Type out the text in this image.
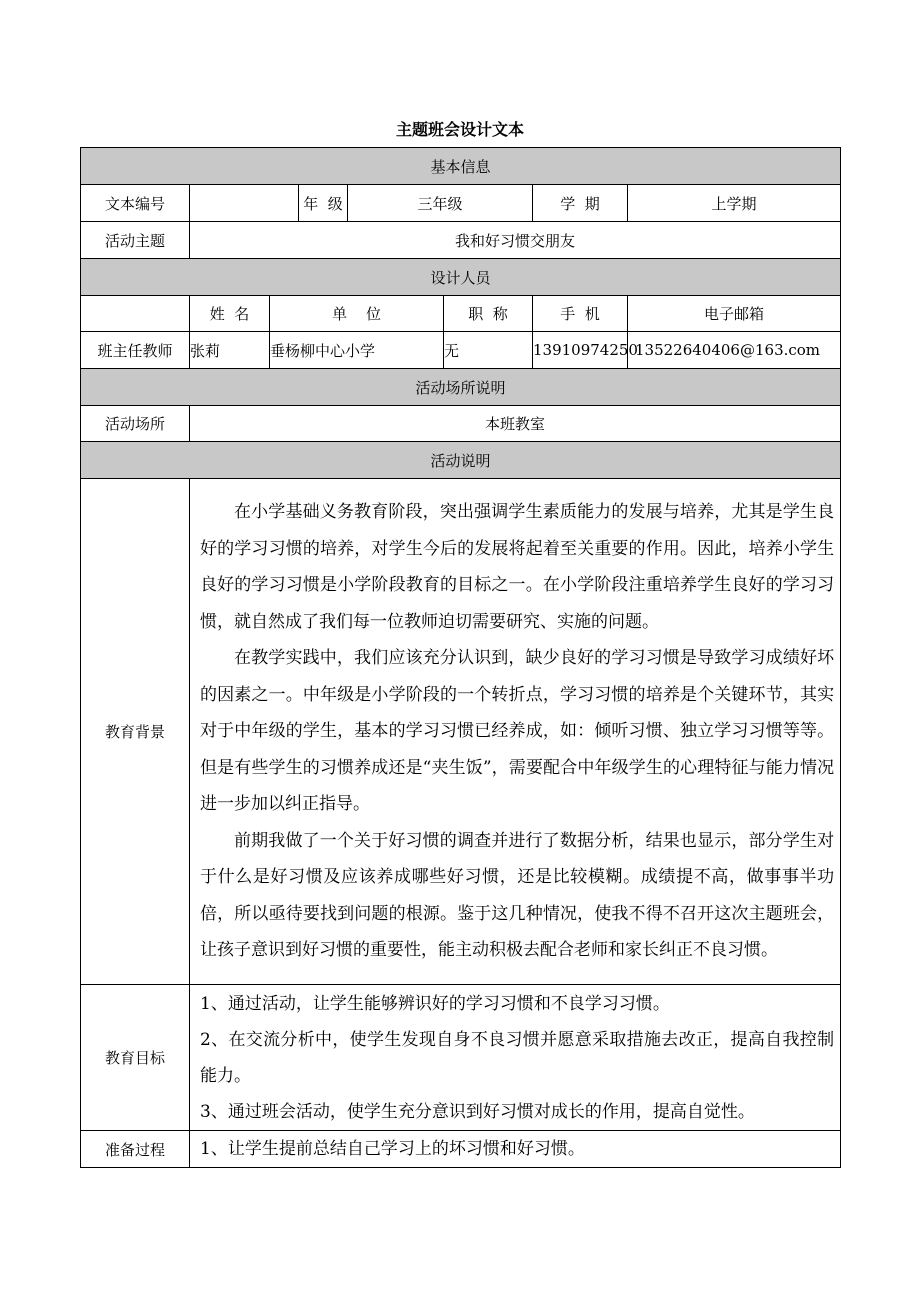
主题班会设计文本
基本信息							
文本编号			年  级	三年级		学  期	上学期
活动主题	我和好习惯交朋友						
设计人员							
	姓  名	单    位			职  称	手  机	电子邮箱
班主任教师	张莉	垂杨柳中心小学			无	13910974250	13522640406@163.com
活动场所说明							
活动场所	本班教室						
活动说明							
教育背景	在小学基础义务教育阶段，突出强调学生素质能力的发展与培养，尤其是学生良好的学习习惯的培养，对学生今后的发展将起着至关重要的作用。因此，培养小学生良好的学习习惯是小学阶段教育的目标之一。在小学阶段注重培养学生良好的学习习惯，就自然成了我们每一位教师迫切需要研究、实施的问题。
在教学实践中，我们应该充分认识到，缺少良好的学习习惯是导致学习成绩好坏的因素之一。中年级是小学阶段的一个转折点，学习习惯的培养是个关键环节，其实对于中年级的学生，基本的学习习惯已经养成，如：倾听习惯、独立学习习惯等等。但是有些学生的习惯养成还是“夹生饭”，需要配合中年级学生的心理特征与能力情况进一步加以纠正指导。
前期我做了一个关于好习惯的调查并进行了数据分析，结果也显示，部分学生对于什么是好习惯及应该养成哪些好习惯，还是比较模糊。成绩提不高，做事事半功倍，所以亟待要找到问题的根源。鉴于这几种情况，使我不得不召开这次主题班会，让孩子意识到好习惯的重要性，能主动积极去配合老师和家长纠正不良习惯。						

教育目标	1、通过活动，让学生能够辨识好的学习习惯和不良学习习惯。
2、在交流分析中，使学生发现自身不良习惯并愿意采取措施去改正，提高自我控制能力。
3、通过班会活动，使学生充分意识到好习惯对成长的作用，提高自觉性。						

准备过程	1、让学生提前总结自己学习上的坏习惯和好习惯。						
